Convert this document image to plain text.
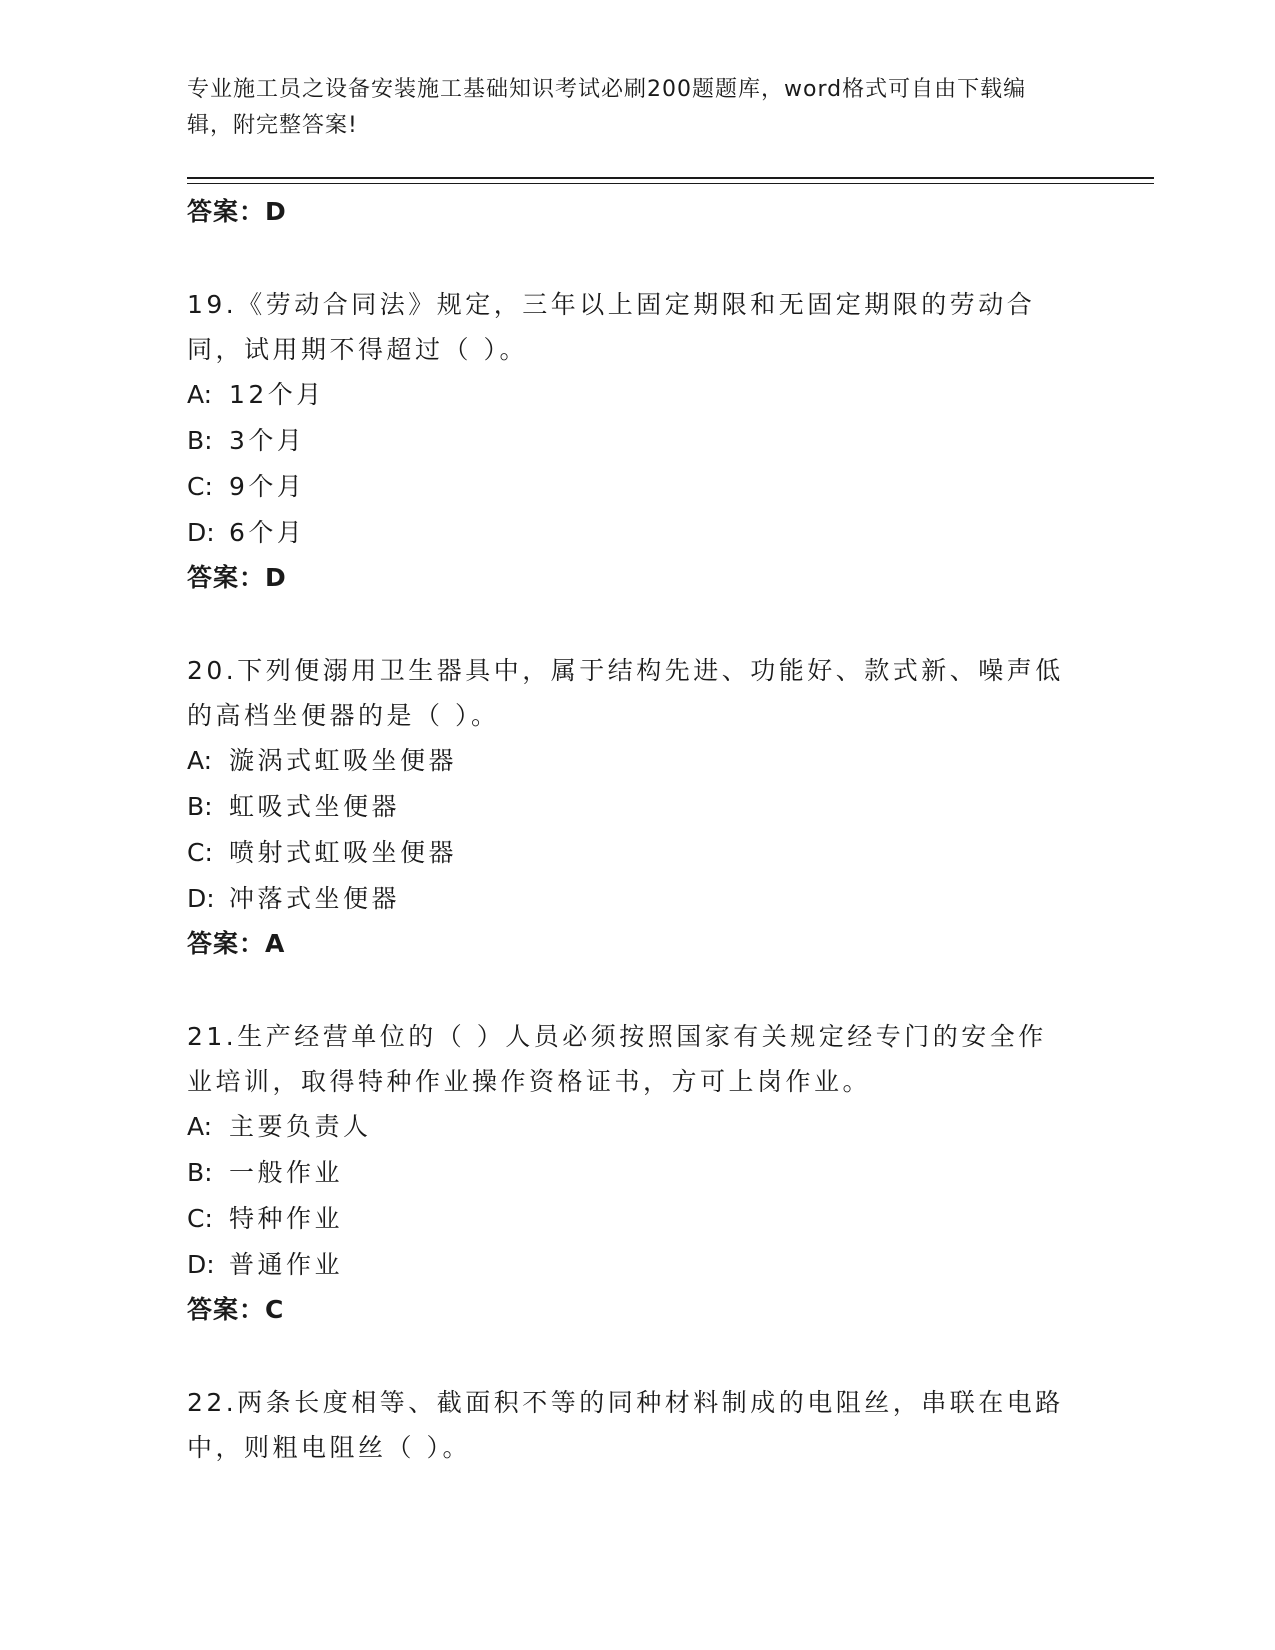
专业施工员之设备安装施工基础知识考试必刷200题题库，word格式可自由下载编辑，附完整答案!
答案：D
19.《劳动合同法》规定，三年以上固定期限和无固定期限的劳动合同，试用期不得超过（ ）。
A: 12个月
B: 3个月
C: 9个月
D: 6个月
答案：D
20.下列便溺用卫生器具中，属于结构先进、功能好、款式新、噪声低的高档坐便器的是（ ）。
A: 漩涡式虹吸坐便器
B: 虹吸式坐便器
C: 喷射式虹吸坐便器
D: 冲落式坐便器
答案：A
21.生产经营单位的（ ）人员必须按照国家有关规定经专门的安全作业培训，取得特种作业操作资格证书，方可上岗作业。
A: 主要负责人
B: 一般作业
C: 特种作业
D: 普通作业
答案：C
22.两条长度相等、截面积不等的同种材料制成的电阻丝，串联在电路中，则粗电阻丝（ ）。
